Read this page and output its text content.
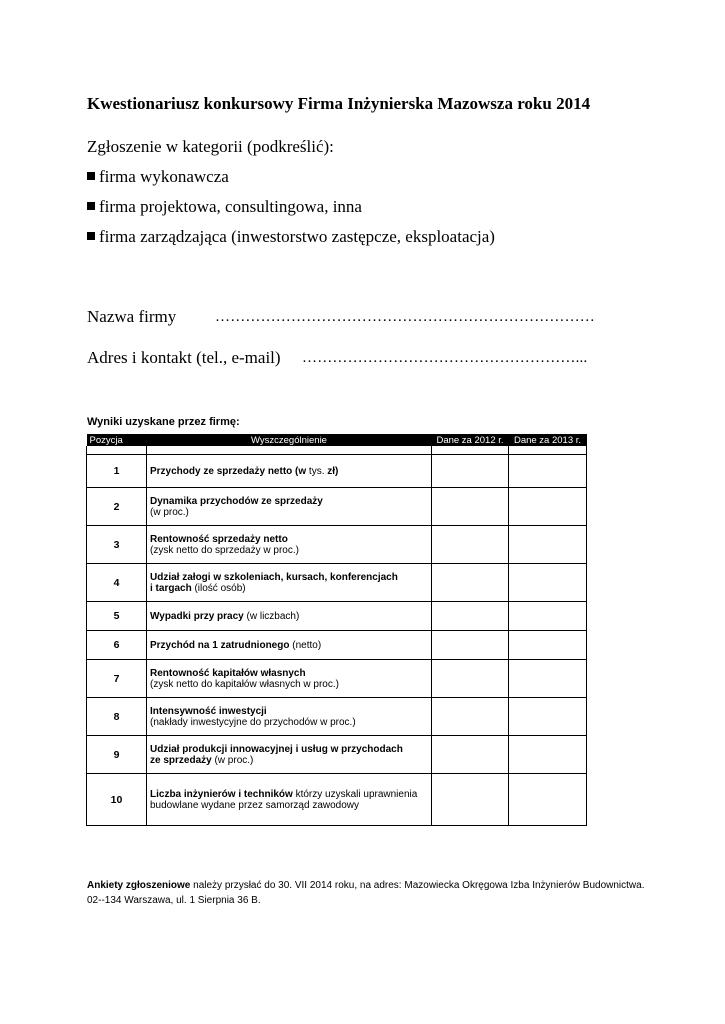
Kwestionariusz konkursowy Firma Inżynierska Mazowsza roku 2014
Zgłoszenie w kategorii (podkreślić):
firma wykonawcza
firma projektowa, consultingowa, inna
firma zarządzająca (inwestorstwo zastępcze, eksploatacja)
Nazwa firmy	…………………………………………………………………
Adres i kontakt (tel., e-mail) ………………………………………………...
Wyniki uzyskane przez firmę:
Pozycja	Wyszczególnienie	Dane za 2012 r.	Dane za 2013 r.

1	Przychody ze sprzedaży netto (w tys. zł)		
2	Dynamika przychodów ze sprzedaży
(w proc.)		
3	Rentowność sprzedaży netto
(zysk netto do sprzedaży w proc.)		
4	Udział załogi w szkoleniach, kursach, konferencjach
i targach (ilość osób)		
5	Wypadki przy pracy (w liczbach)		
6	Przychód na 1 zatrudnionego (netto)		
7	Rentowność kapitałów własnych
(zysk netto do kapitałów własnych w proc.)		
8	Intensywność inwestycji
(nakłady inwestycyjne do przychodów w proc.)		
9	Udział produkcji innowacyjnej i usług w przychodach
ze sprzedaży (w proc.)		
10	Liczba inżynierów i techników którzy uzyskali uprawnienia
budowlane wydane przez samorząd zawodowy		
Ankiety zgłoszeniowe należy przysłać do 30. VII 2014 roku, na adres: Mazowiecka Okręgowa Izba Inżynierów Budownictwa. 02--134 Warszawa, ul. 1 Sierpnia 36 B.
